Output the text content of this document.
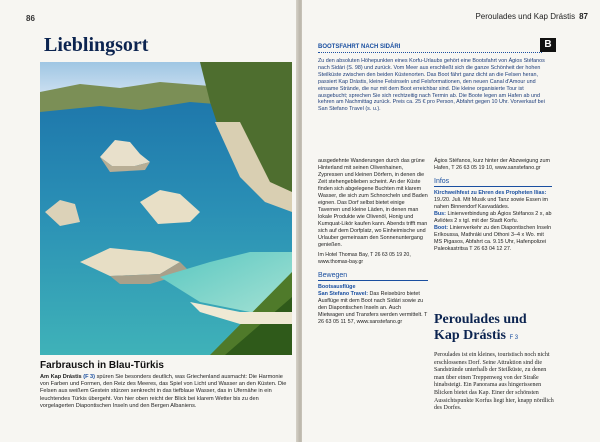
86
Lieblingsort
Farbrausch in Blau-Türkis
Am Kap Drástis (F 3) spüren Sie besonders deutlich, was Griechenland ausmacht: Die Harmonie von Farben und Formen, den Reiz des Meeres, das Spiel von Licht und Wasser an den Küsten. Die Felsen aus weißem Gestein stürzen senkrecht in das tiefblaue Wasser, das in Ufernähe in ein leuchtendes Türkis übergeht. Von hier oben reicht der Blick bei klarem Wetter bis zu den vorgelagerten Diapontischen Inseln und den Bergen Albaniens.
Peroulades und Kap Drástis 87
BOOTSFAHRT NACH SIDÁRI	B
Zu den absoluten Höhepunkten eines Korfu-Urlaubs gehört eine Bootsfahrt von Ágios Stéfanos nach Sidári (S. 98) und zurück. Vom Meer aus erschließt sich die ganze Schönheit der hohen Steilküste zwischen den beiden Küstenorten. Das Boot fährt ganz dicht an die Felsen heran, passiert Kap Drástis, kleine Felsinseln und Felsformationen, den neuen Canal d'Amour und einsame Strände, die nur mit dem Boot erreichbar sind. Die kleine organisierte Tour ist ausgebucht; sprechen Sie sich rechtzeitig nach Termin ab. Die Boote legen am Hafen ab und kehren am Nachmittag zurück. Preis ca. 25 € pro Person, Abfahrt gegen 10 Uhr. Vorverkauf bei San Stefano Travel (s. u.).
ausgedehnte Wanderungen durch das grüne Hinterland mit seinen Olivenhainen, Zypressen und kleinen Dörfern, in denen die Zeit stehengeblieben scheint. An der Küste finden sich abgelegene Buchten mit klarem Wasser, die sich zum Schnorcheln und Baden eignen. Das Dorf selbst bietet einige Tavernen und kleine Läden, in denen man lokale Produkte wie Olivenöl, Honig und Kumquat-Likör kaufen kann. Abends trifft man sich auf dem Dorfplatz, wo Einheimische und Urlauber gemeinsam den Sonnenuntergang genießen.
Im Hotel Thomas Bay, T 26 63 05 19 20, www.thomas-bay.gr
Bewegen
Bootsausflüge
San Stefano Travel: Das Reisebüro bietet Ausflüge mit dem Boot nach Sidári sowie zu den Diapontischen Inseln an. Auch Mietwagen und Transfers werden vermittelt. T 26 63 05 11 57, www.sanstefano.gr
Ágios Stéfanos, kurz hinter der Abzweigung zum Hafen, T 26 63 05 19 10, www.sanstefano.gr
Infos
Kirchweihfest zu Ehren des Propheten Ilias: 19./20. Juli. Mit Musik und Tanz sowie Essen im nahen Binnendorf Kavvadádes.
Bus: Linienverbindung ab Ágios Stéfanos 2 x, ab Avliótes 2 x tgl. mit der Stadt Korfu.
Boot: Linienverkehr zu den Diapontischen Inseln Eríkoussa, Mathráki und Othoni 3–4 x Wo. mit MS Pigasos, Abfahrt ca. 9.15 Uhr, Hafenpolizei Paleokastritsa T 26 63 04 12 27.
Peroulades und Kap Drástis F 3
Peroulades ist ein kleines, touristisch noch nicht erschlossenes Dorf. Seine Attraktion sind die Sandstrände unterhalb der Steilküste, zu denen man über einen Treppenweg von der Straße hinabsteigt. Ein Panorama aus hingerissenen Blicken bietet das Kap. Einer der schönsten Aussichtspunkte Korfus liegt hier, knapp nördlich des Dorfes.
